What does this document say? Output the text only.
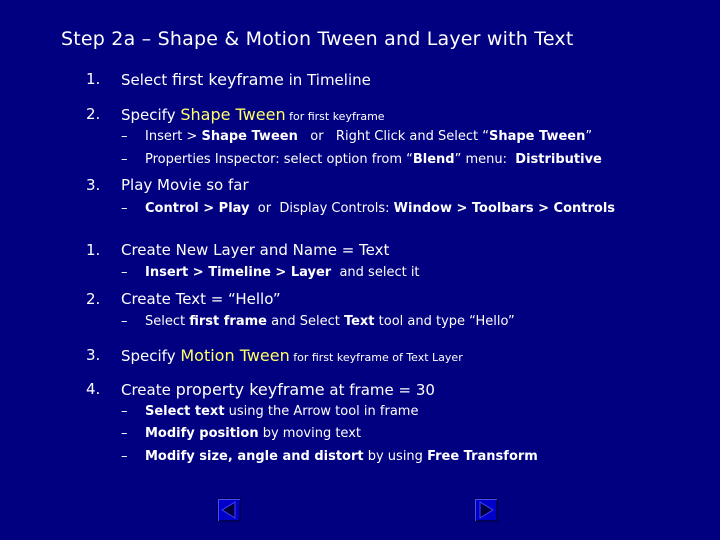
Step 2a – Shape & Motion Tween and Layer with Text
1. Select first keyframe in Timeline
2. Specify Shape Tween for first keyframe
– Insert > Shape Tween   or   Right Click and Select “Shape Tween”
– Properties Inspector: select option from “Blend” menu:  Distributive
3. Play Movie so far
– Control > Play  or  Display Controls: Window > Toolbars > Controls
1. Create New Layer and Name = Text
– Insert > Timeline > Layer  and select it
2. Create Text = “Hello”
– Select first frame and Select Text tool and type “Hello”
3. Specify Motion Tween for first keyframe of Text Layer
4. Create property keyframe at frame = 30
– Select text using the Arrow tool in frame
– Modify position by moving text
– Modify size, angle and distort by using Free Transform
